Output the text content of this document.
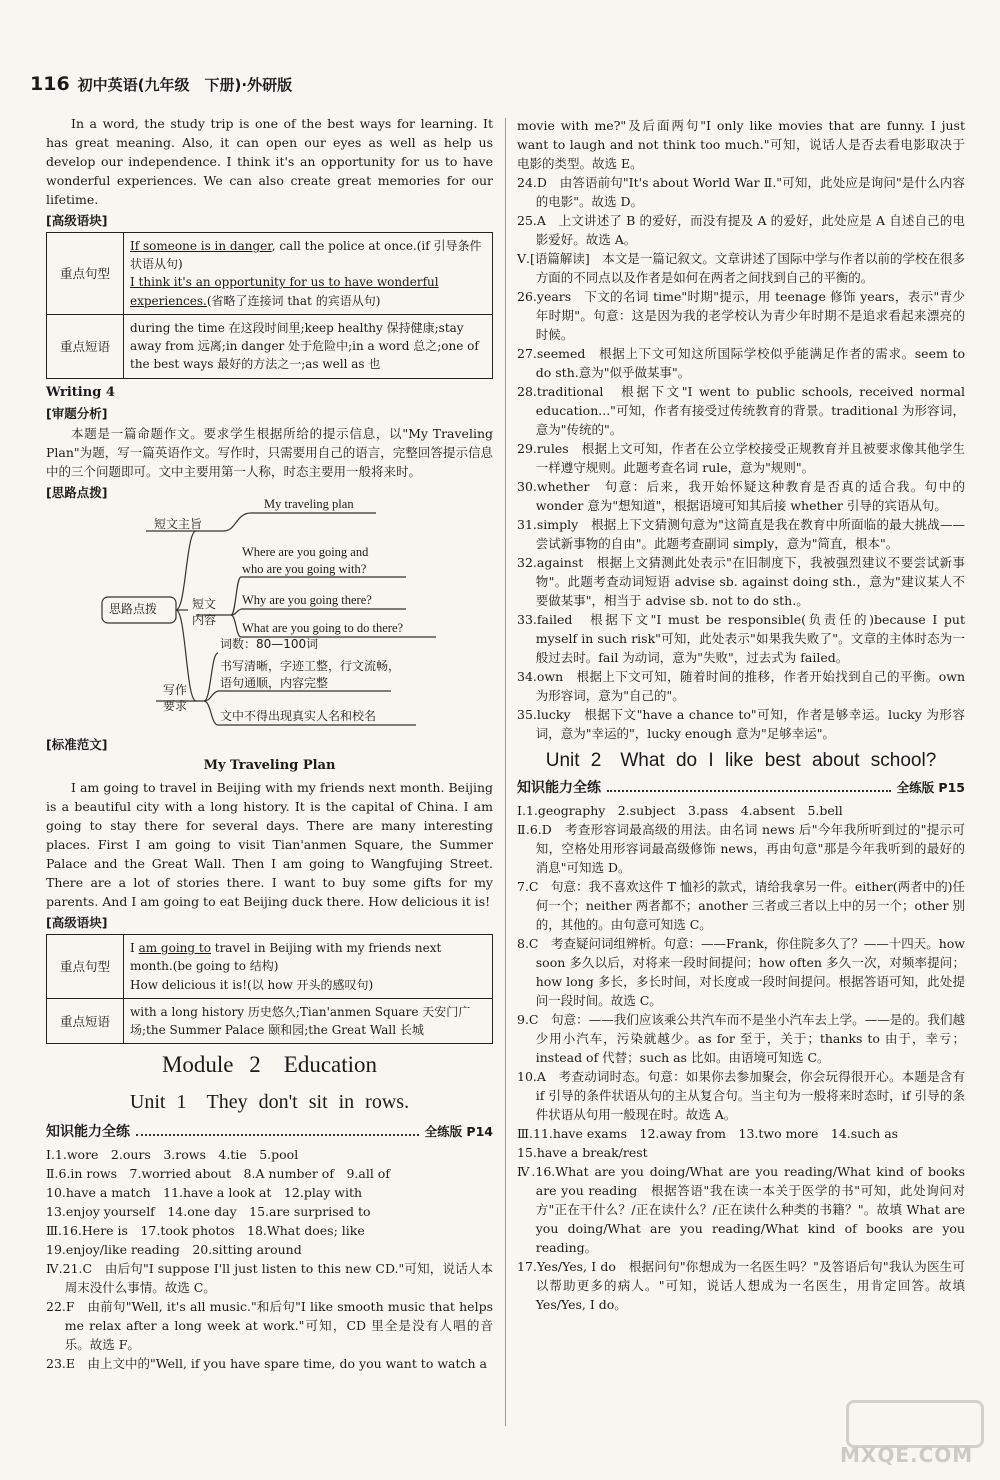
116 初中英语(九年级　下册)·外研版

In a word, the study trip is one of the best ways for learning. It has great meaning. Also, it can open our eyes as well as help us develop our independence. I think it's an opportunity for us to have wonderful experiences. We can also create great memories for our lifetime.

[高级语块]
重点句型	If someone is in danger, call the police at once.(if 引导条件状语从句)
I think it's an opportunity for us to have wonderful experiences.(省略了连接词 that 的宾语从句)
重点短语	during the time 在这段时间里;keep healthy 保持健康;stay away from 远离;in danger 处于危险中;in a word 总之;one of the best ways 最好的方法之一;as well as 也
Writing 4
[审题分析]

本题是一篇命题作文。要求学生根据所给的提示信息，以"My Traveling Plan"为题，写一篇英语作文。写作时，只需要用自己的语言，完整回答提示信息中的三个问题即可。文中主要用第一人称，时态主要用一般将来时。

[思路点拨]
思路点拨
短文主旨
My traveling plan
短文内容
Where are you going and
who are you going with?
Why are you going there?
What are you going to do there?
写作要求
词数：80—100词
书写清晰，字迹工整，行文流畅，
语句通顺，内容完整
文中不得出现真实人名和校名
[标准范文]
My Traveling Plan

I am going to travel in Beijing with my friends next month. Beijing is a beautiful city with a long history. It is the capital of China. I am going to stay there for several days. There are many interesting places. First I am going to visit Tian'anmen Square, the Summer Palace and the Great Wall. Then I am going to Wangfujing Street. There are a lot of stories there. I want to buy some gifts for my parents. And I am going to eat Beijing duck there. How delicious it is!

[高级语块]
重点句型	I am going to travel in Beijing with my friends next month.(be going to 结构)
How delicious it is!(以 how 开头的感叹句)
重点短语	with a long history 历史悠久;Tian'anmen Square 天安门广场;the Summer Palace 颐和园;the Great Wall 长城
Module 2　Education
Unit 1　They don't sit in rows.
知识能力全练	全练版 P14

Ⅰ.1.wore　2.ours　3.rows　4.tie　5.pool

Ⅱ.6.in rows　7.worried about　8.A number of　9.all of

10.have a match　11.have a look at　12.play with

13.enjoy yourself　14.one day　15.are surprised to

Ⅲ.16.Here is　17.took photos　18.What does; like

19.enjoy/like reading　20.sitting around

Ⅳ.21.C　由后句"I suppose I'll just listen to this new CD."可知，说话人本周末没什么事情。故选 C。

22.F　由前句"Well, it's all music."和后句"I like smooth music that helps me relax after a long week at work."可知，CD 里全是没有人唱的音乐。故选 F。

23.E　由上文中的"Well, if you have spare time, do you want to watch a

movie with me?"及后面两句"I only like movies that are funny. I just want to laugh and not think too much."可知，说话人是否去看电影取决于电影的类型。故选 E。

24.D　由答语前句"It's about World War Ⅱ."可知，此处应是询问"是什么内容的电影"。故选 D。

25.A　上文讲述了 B 的爱好，而没有提及 A 的爱好，此处应是 A 自述自己的电影爱好。故选 A。

Ⅴ.[语篇解读]　本文是一篇记叙文。文章讲述了国际中学与作者以前的学校在很多方面的不同点以及作者是如何在两者之间找到自己的平衡的。

26.years　下文的名词 time"时期"提示，用 teenage 修饰 years，表示"青少年时期"。句意：这是因为我的老学校认为青少年时期不是追求看起来漂亮的时候。

27.seemed　根据上下文可知这所国际学校似乎能满足作者的需求。seem to do sth.意为"似乎做某事"。

28.traditional　根据下文"I went to public schools, received normal education..."可知，作者有接受过传统教育的背景。traditional 为形容词，意为"传统的"。

29.rules　根据上文可知，作者在公立学校接受正规教育并且被要求像其他学生一样遵守规则。此题考查名词 rule，意为"规则"。

30.whether　句意：后来，我开始怀疑这种教育是否真的适合我。句中的 wonder 意为"想知道"，根据语境可知其后接 whether 引导的宾语从句。

31.simply　根据上下文猜测句意为"这简直是我在教育中所面临的最大挑战——尝试新事物的自由"。此题考查副词 simply，意为"简直，根本"。

32.against　根据上文猜测此处表示"在旧制度下，我被强烈建议不要尝试新事物"。此题考查动词短语 advise sb. against doing sth.，意为"建议某人不要做某事"，相当于 advise sb. not to do sth.。

33.failed　根据下文"I must be responsible(负责任的)because I put myself in such risk"可知，此处表示"如果我失败了"。文章的主体时态为一般过去时。fail 为动词，意为"失败"，过去式为 failed。

34.own　根据上下文可知，随着时间的推移，作者开始找到自己的平衡。own 为形容词，意为"自己的"。

35.lucky　根据下文"have a chance to"可知，作者是够幸运。lucky 为形容词，意为"幸运的"，lucky enough 意为"足够幸运"。

Unit 2　What do I like best about school?
知识能力全练	全练版 P15

Ⅰ.1.geography　2.subject　3.pass　4.absent　5.bell

Ⅱ.6.D　考查形容词最高级的用法。由名词 news 后"今年我所听到过的"提示可知，空格处用形容词最高级修饰 news，再由句意"那是今年我听到的最好的消息"可知选 D。

7.C　句意：我不喜欢这件 T 恤衫的款式，请给我拿另一件。either(两者中的)任何一个；neither 两者都不；another 三者或三者以上中的另一个；other 别的，其他的。由句意可知选 C。

8.C　考查疑问词组辨析。句意：——Frank，你住院多久了？——十四天。how soon 多久以后，对将来一段时间提问；how often 多久一次，对频率提问；how long 多长，多长时间，对长度或一段时间提问。根据答语可知，此处提问一段时间。故选 C。

9.C　句意：——我们应该乘公共汽车而不是坐小汽车去上学。——是的。我们越少用小汽车，污染就越少。as for 至于，关于；thanks to 由于，幸亏；instead of 代替；such as 比如。由语境可知选 C。

10.A　考查动词时态。句意：如果你去参加聚会，你会玩得很开心。本题是含有 if 引导的条件状语从句的主从复合句。当主句为一般将来时态时，if 引导的条件状语从句用一般现在时。故选 A。

Ⅲ.11.have exams　12.away from　13.two more　14.such as

15.have a break/rest

Ⅳ.16.What are you doing/What are you reading/What kind of books are you reading　根据答语"我在读一本关于医学的书"可知，此处询问对方"正在干什么？/正在读什么？/正在读什么种类的书籍？"。故填 What are you doing/What are you reading/What kind of books are you reading。

17.Yes/Yes, I do　根据问句"你想成为一名医生吗？"及答语后句"我认为医生可以帮助更多的病人。"可知，说话人想成为一名医生，用肯定回答。故填 Yes/Yes, I do。

MXQE.COM
